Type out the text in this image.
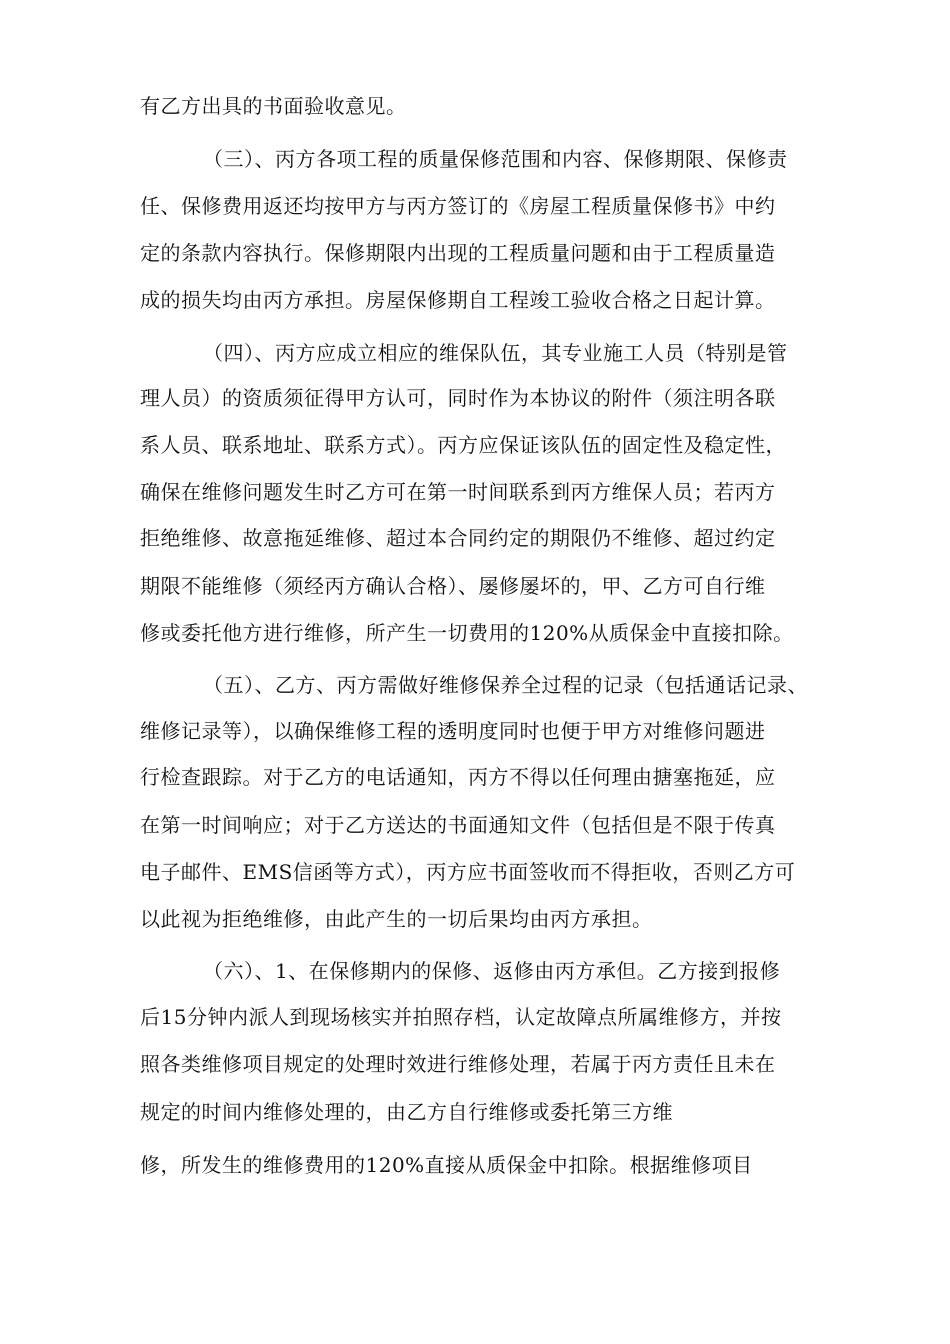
有乙方出具的书面验收意见。

（三）、丙方各项工程的质量保修范围和内容、保修期限、保修责

任、保修费用返还均按甲方与丙方签订的《房屋工程质量保修书》中约

定的条款内容执行。保修期限内出现的工程质量问题和由于工程质量造

成的损失均由丙方承担。房屋保修期自工程竣工验收合格之日起计算。

（四）、丙方应成立相应的维保队伍，其专业施工人员（特别是管

理人员）的资质须征得甲方认可，同时作为本协议的附件（须注明各联

系人员、联系地址、联系方式）。丙方应保证该队伍的固定性及稳定性，

确保在维修问题发生时乙方可在第一时间联系到丙方维保人员；若丙方

拒绝维修、故意拖延维修、超过本合同约定的期限仍不维修、超过约定

期限不能维修（须经丙方确认合格）、屡修屡坏的，甲、乙方可自行维

修或委托他方进行维修，所产生一切费用的120%从质保金中直接扣除。

（五）、乙方、丙方需做好维修保养全过程的记录（包括通话记录、

维修记录等），以确保维修工程的透明度同时也便于甲方对维修问题进

行检查跟踪。对于乙方的电话通知，丙方不得以任何理由搪塞拖延，应

在第一时间响应；对于乙方送达的书面通知文件（包括但是不限于传真

电子邮件、EMS信函等方式），丙方应书面签收而不得拒收，否则乙方可

以此视为拒绝维修，由此产生的一切后果均由丙方承担。

（六）、1、在保修期内的保修、返修由丙方承但。乙方接到报修

后15分钟内派人到现场核实并拍照存档，认定故障点所属维修方，并按

照各类维修项目规定的处理时效进行维修处理，若属于丙方责任且未在

规定的时间内维修处理的，由乙方自行维修或委托第三方维

修，所发生的维修费用的120%直接从质保金中扣除。根据维修项目
